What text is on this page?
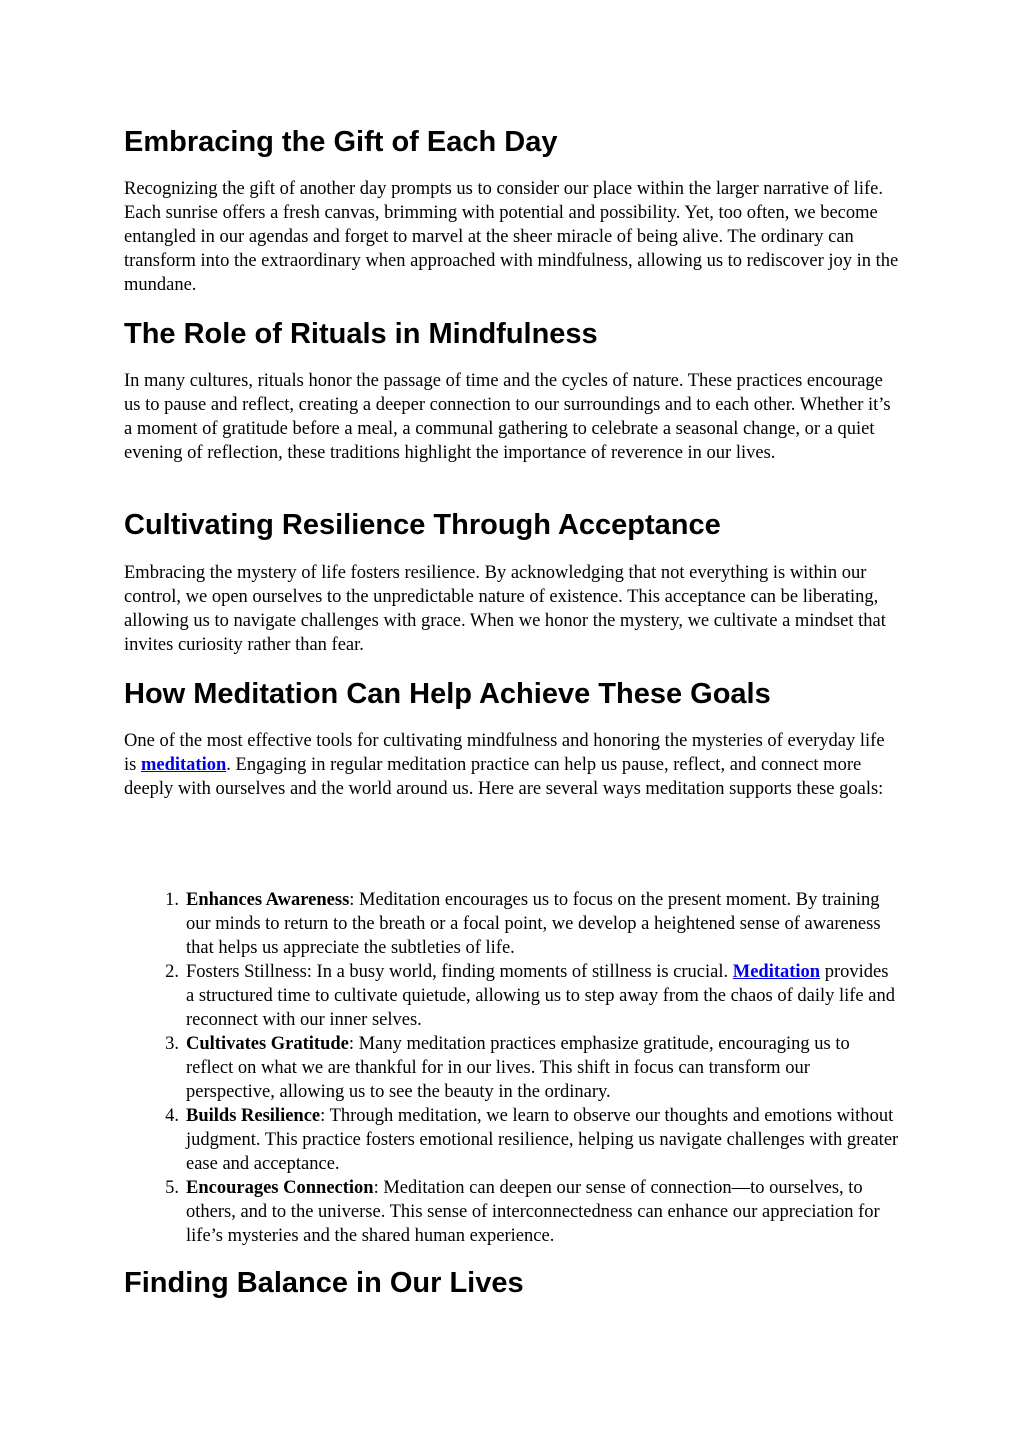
Embracing the Gift of Each Day

Recognizing the gift of another day prompts us to consider our place within the larger narrative of life. Each sunrise offers a fresh canvas, brimming with potential and possibility. Yet, too often, we become entangled in our agendas and forget to marvel at the sheer miracle of being alive. The ordinary can transform into the extraordinary when approached with mindfulness, allowing us to rediscover joy in the mundane.

The Role of Rituals in Mindfulness

In many cultures, rituals honor the passage of time and the cycles of nature. These practices encourage us to pause and reflect, creating a deeper connection to our surroundings and to each other. Whether it’s a moment of gratitude before a meal, a communal gathering to celebrate a seasonal change, or a quiet evening of reflection, these traditions highlight the importance of reverence in our lives.

Cultivating Resilience Through Acceptance

Embracing the mystery of life fosters resilience. By acknowledging that not everything is within our control, we open ourselves to the unpredictable nature of existence. This acceptance can be liberating, allowing us to navigate challenges with grace. When we honor the mystery, we cultivate a mindset that invites curiosity rather than fear.

How Meditation Can Help Achieve These Goals

One of the most effective tools for cultivating mindfulness and honoring the mysteries of everyday life is meditation. Engaging in regular meditation practice can help us pause, reflect, and connect more deeply with ourselves and the world around us. Here are several ways meditation supports these goals:

1. Enhances Awareness: Meditation encourages us to focus on the present moment. By training our minds to return to the breath or a focal point, we develop a heightened sense of awareness that helps us appreciate the subtleties of life.
2. Fosters Stillness: In a busy world, finding moments of stillness is crucial. Meditation provides a structured time to cultivate quietude, allowing us to step away from the chaos of daily life and reconnect with our inner selves.
3. Cultivates Gratitude: Many meditation practices emphasize gratitude, encouraging us to reflect on what we are thankful for in our lives. This shift in focus can transform our perspective, allowing us to see the beauty in the ordinary.
4. Builds Resilience: Through meditation, we learn to observe our thoughts and emotions without judgment. This practice fosters emotional resilience, helping us navigate challenges with greater ease and acceptance.
5. Encourages Connection: Meditation can deepen our sense of connection—to ourselves, to others, and to the universe. This sense of interconnectedness can enhance our appreciation for life’s mysteries and the shared human experience.
Finding Balance in Our Lives
